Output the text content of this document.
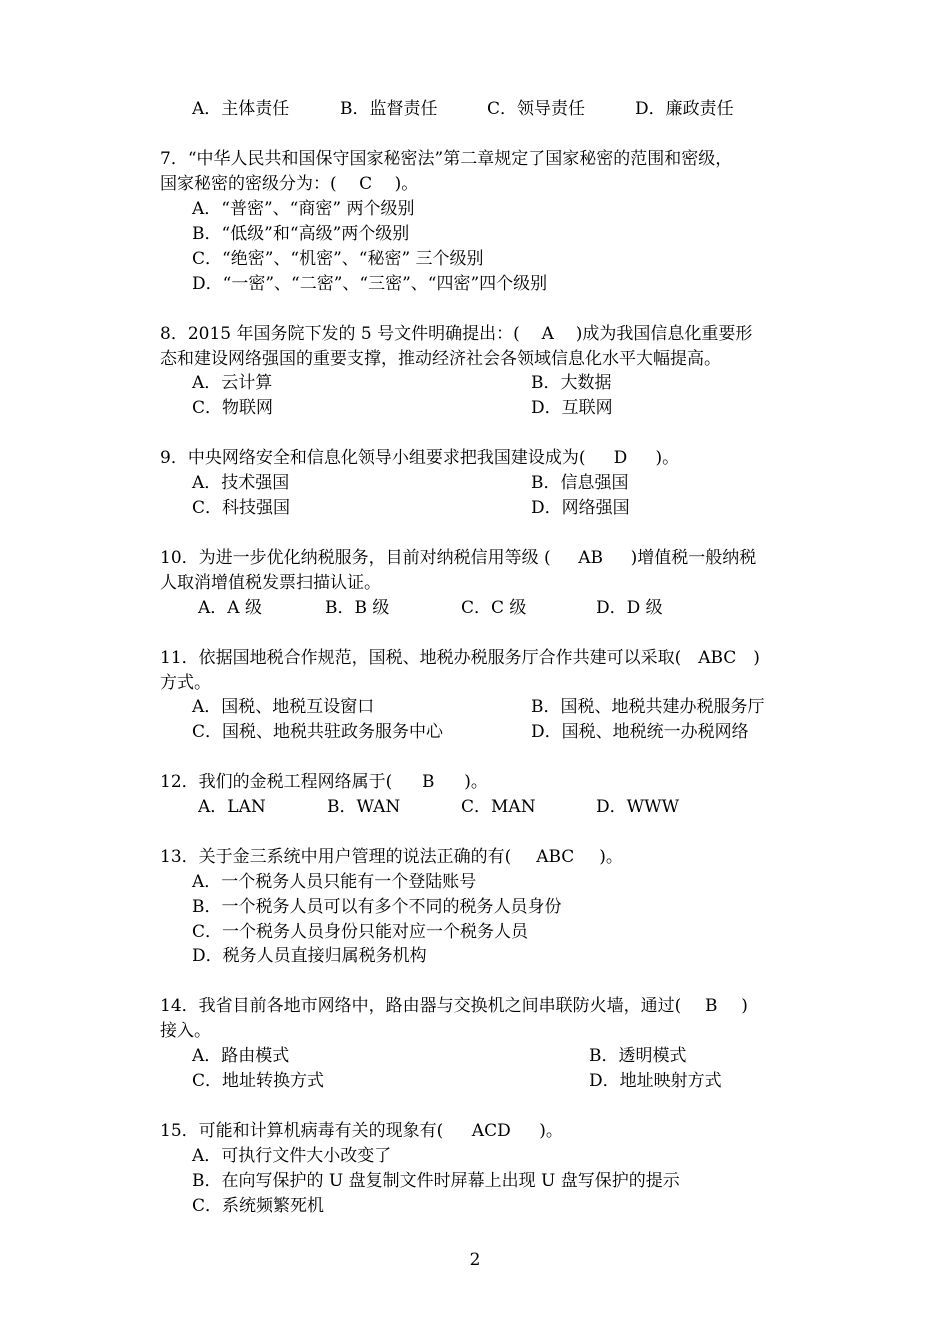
A．主体责任	B．监督责任	C．领导责任	D．廉政责任
7．“中华人民共和国保守国家秘密法”第二章规定了国家秘密的范围和密级，
国家秘密的密级分为：( C )。
A．“普密”、“商密” 两个级别
B．“低级”和“高级”两个级别
C．“绝密”、“机密”、“秘密” 三个级别
D．“一密”、“二密”、“三密”、“四密”四个级别
8．2015 年国务院下发的 5 号文件明确提出：( A )成为我国信息化重要形
态和建设网络强国的重要支撑，推动经济社会各领域信息化水平大幅提高。
A．云计算	B．大数据
C．物联网	D．互联网
9．中央网络安全和信息化领导小组要求把我国建设成为( D )。
A．技术强国	B．信息强国
C．科技强国	D．网络强国
10．为进一步优化纳税服务，目前对纳税信用等级 ( AB )增值税一般纳税
人取消增值税发票扫描认证。
A．A 级	B．B 级	C．C 级	D．D 级
11．依据国地税合作规范，国税、地税办税服务厅合作共建可以采取( ABC )
方式。
A．国税、地税互设窗口	B．国税、地税共建办税服务厅
C．国税、地税共驻政务服务中心	D．国税、地税统一办税网络
12．我们的金税工程网络属于( B )。
A．LAN	B．WAN	C．MAN	D．WWW
13．关于金三系统中用户管理的说法正确的有( ABC )。
A．一个税务人员只能有一个登陆账号
B．一个税务人员可以有多个不同的税务人员身份
C．一个税务人员身份只能对应一个税务人员
D．税务人员直接归属税务机构
14．我省目前各地市网络中，路由器与交换机之间串联防火墙，通过( B )
接入。
A．路由模式	B．透明模式
C．地址转换方式	D．地址映射方式
15．可能和计算机病毒有关的现象有( ACD )。
A．可执行文件大小改变了
B．在向写保护的 U 盘复制文件时屏幕上出现 U 盘写保护的提示
C．系统频繁死机
2
